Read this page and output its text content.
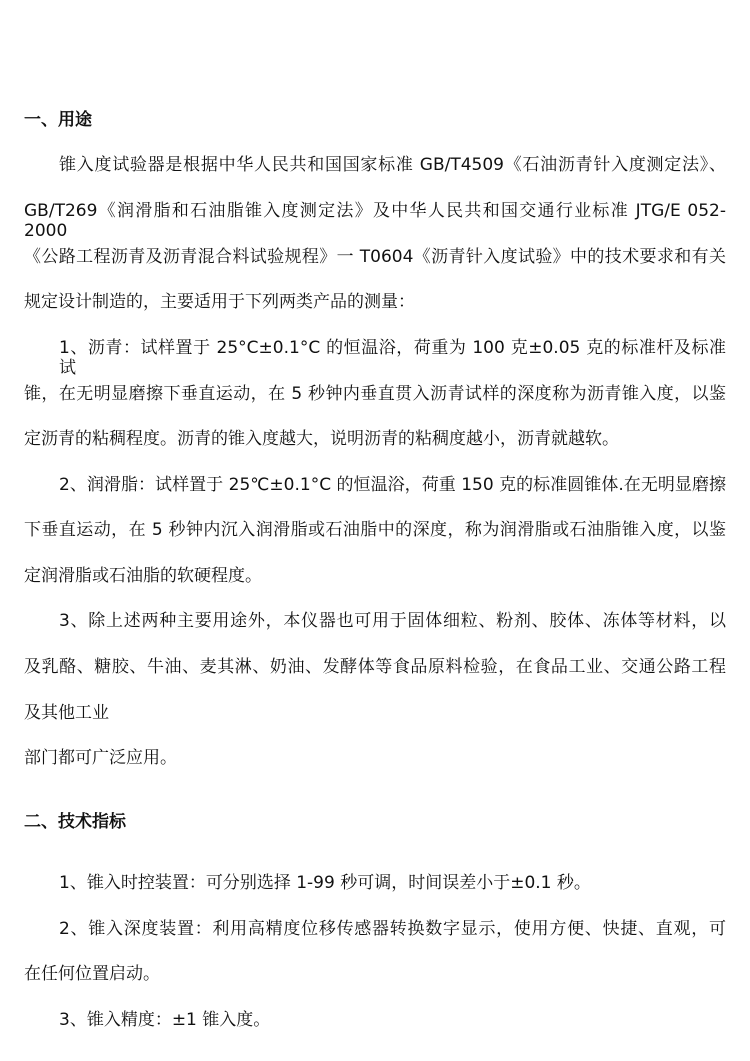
一、用途
锥入度试验器是根据中华人民共和国国家标准 GB/T4509《石油沥青针入度测定法》、
GB/T269《润滑脂和石油脂锥入度测定法》及中华人民共和国交通行业标准 JTG/E 052-2000
《公路工程沥青及沥青混合料试验规程》一 T0604《沥青针入度试验》中的技术要求和有关
规定设计制造的，主要适用于下列两类产品的测量：
1、沥青：试样置于 25°C±0.1°C 的恒温浴，荷重为 100 克±0.05 克的标准杆及标准试
锥，在无明显磨擦下垂直运动，在 5 秒钟内垂直贯入沥青试样的深度称为沥青锥入度，以鉴
定沥青的粘稠程度。沥青的锥入度越大，说明沥青的粘稠度越小，沥青就越软。
2、润滑脂：试样置于 25℃±0.1°C 的恒温浴，荷重 150 克的标准圆锥体.在无明显磨擦
下垂直运动，在 5 秒钟内沉入润滑脂或石油脂中的深度，称为润滑脂或石油脂锥入度，以鉴
定润滑脂或石油脂的软硬程度。
3、除上述两种主要用途外，本仪器也可用于固体细粒、粉剂、胶体、冻体等材料，以
及乳酪、糖胶、牛油、麦其淋、奶油、发酵体等食品原料检验，在食品工业、交通公路工程
及其他工业
部门都可广泛应用。
二、技术指标
1、锥入时控装置：可分别选择 1-99 秒可调，时间误差小于±0.1 秒。
2、锥入深度装置：利用高精度位移传感器转换数字显示，使用方便、快捷、直观，可
在任何位置启动。
3、锥入精度：±1 锥入度。
